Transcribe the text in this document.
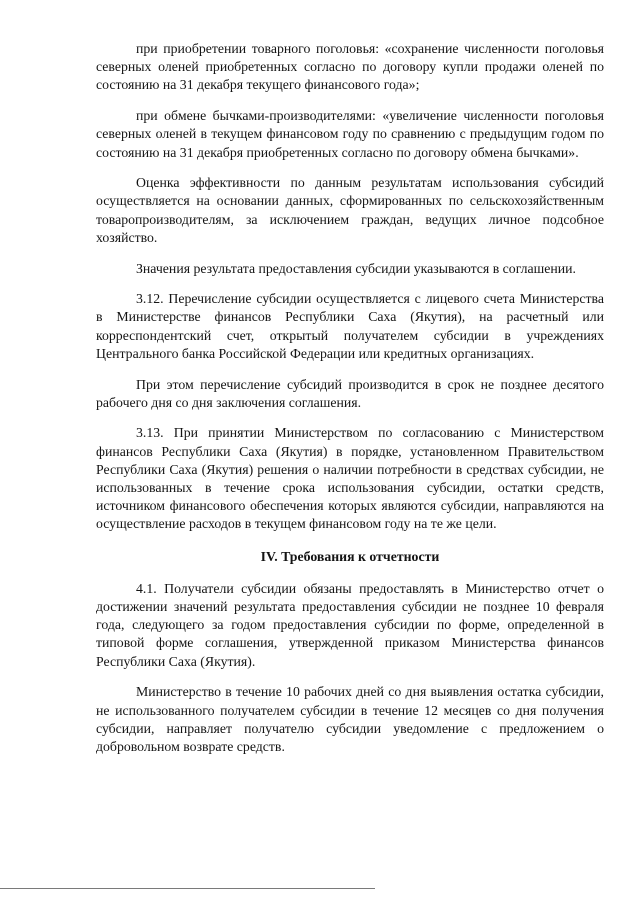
при приобретении товарного поголовья: «сохранение численности поголовья северных оленей приобретенных согласно по договору купли продажи оленей по состоянию на 31 декабря текущего финансового года»;

при обмене бычками-производителями: «увеличение численности поголовья северных оленей в текущем финансовом году по сравнению с предыдущим годом по состоянию на 31 декабря приобретенных согласно по договору обмена бычками».

Оценка эффективности по данным результатам использования субсидий осуществляется на основании данных, сформированных по сельскохозяйственным товаропроизводителям, за исключением граждан, ведущих личное подсобное хозяйство.

Значения результата предоставления субсидии указываются в соглашении.

3.12. Перечисление субсидии осуществляется с лицевого счета Министерства в Министерстве финансов Республики Саха (Якутия), на расчетный или корреспондентский счет, открытый получателем субсидии в учреждениях Центрального банка Российской Федерации или кредитных организациях.

При этом перечисление субсидий производится в срок не позднее десятого рабочего дня со дня заключения соглашения.

3.13. При принятии Министерством по согласованию с Министерством финансов Республики Саха (Якутия) в порядке, установленном Правительством Республики Саха (Якутия) решения о наличии потребности в средствах субсидии, не использованных в течение срока использования субсидии, остатки средств, источником финансового обеспечения которых являются субсидии, направляются на осуществление расходов в текущем финансовом году на те же цели.

IV. Требования к отчетности

4.1. Получатели субсидии обязаны предоставлять в Министерство отчет о достижении значений результата предоставления субсидии не позднее 10 февраля года, следующего за годом предоставления субсидии по форме, определенной в типовой форме соглашения, утвержденной приказом Министерства финансов Республики Саха (Якутия).

Министерство в течение 10 рабочих дней со дня выявления остатка субсидии, не использованного получателем субсидии в течение 12 месяцев со дня получения субсидии, направляет получателю субсидии уведомление с предложением о добровольном возврате средств.
